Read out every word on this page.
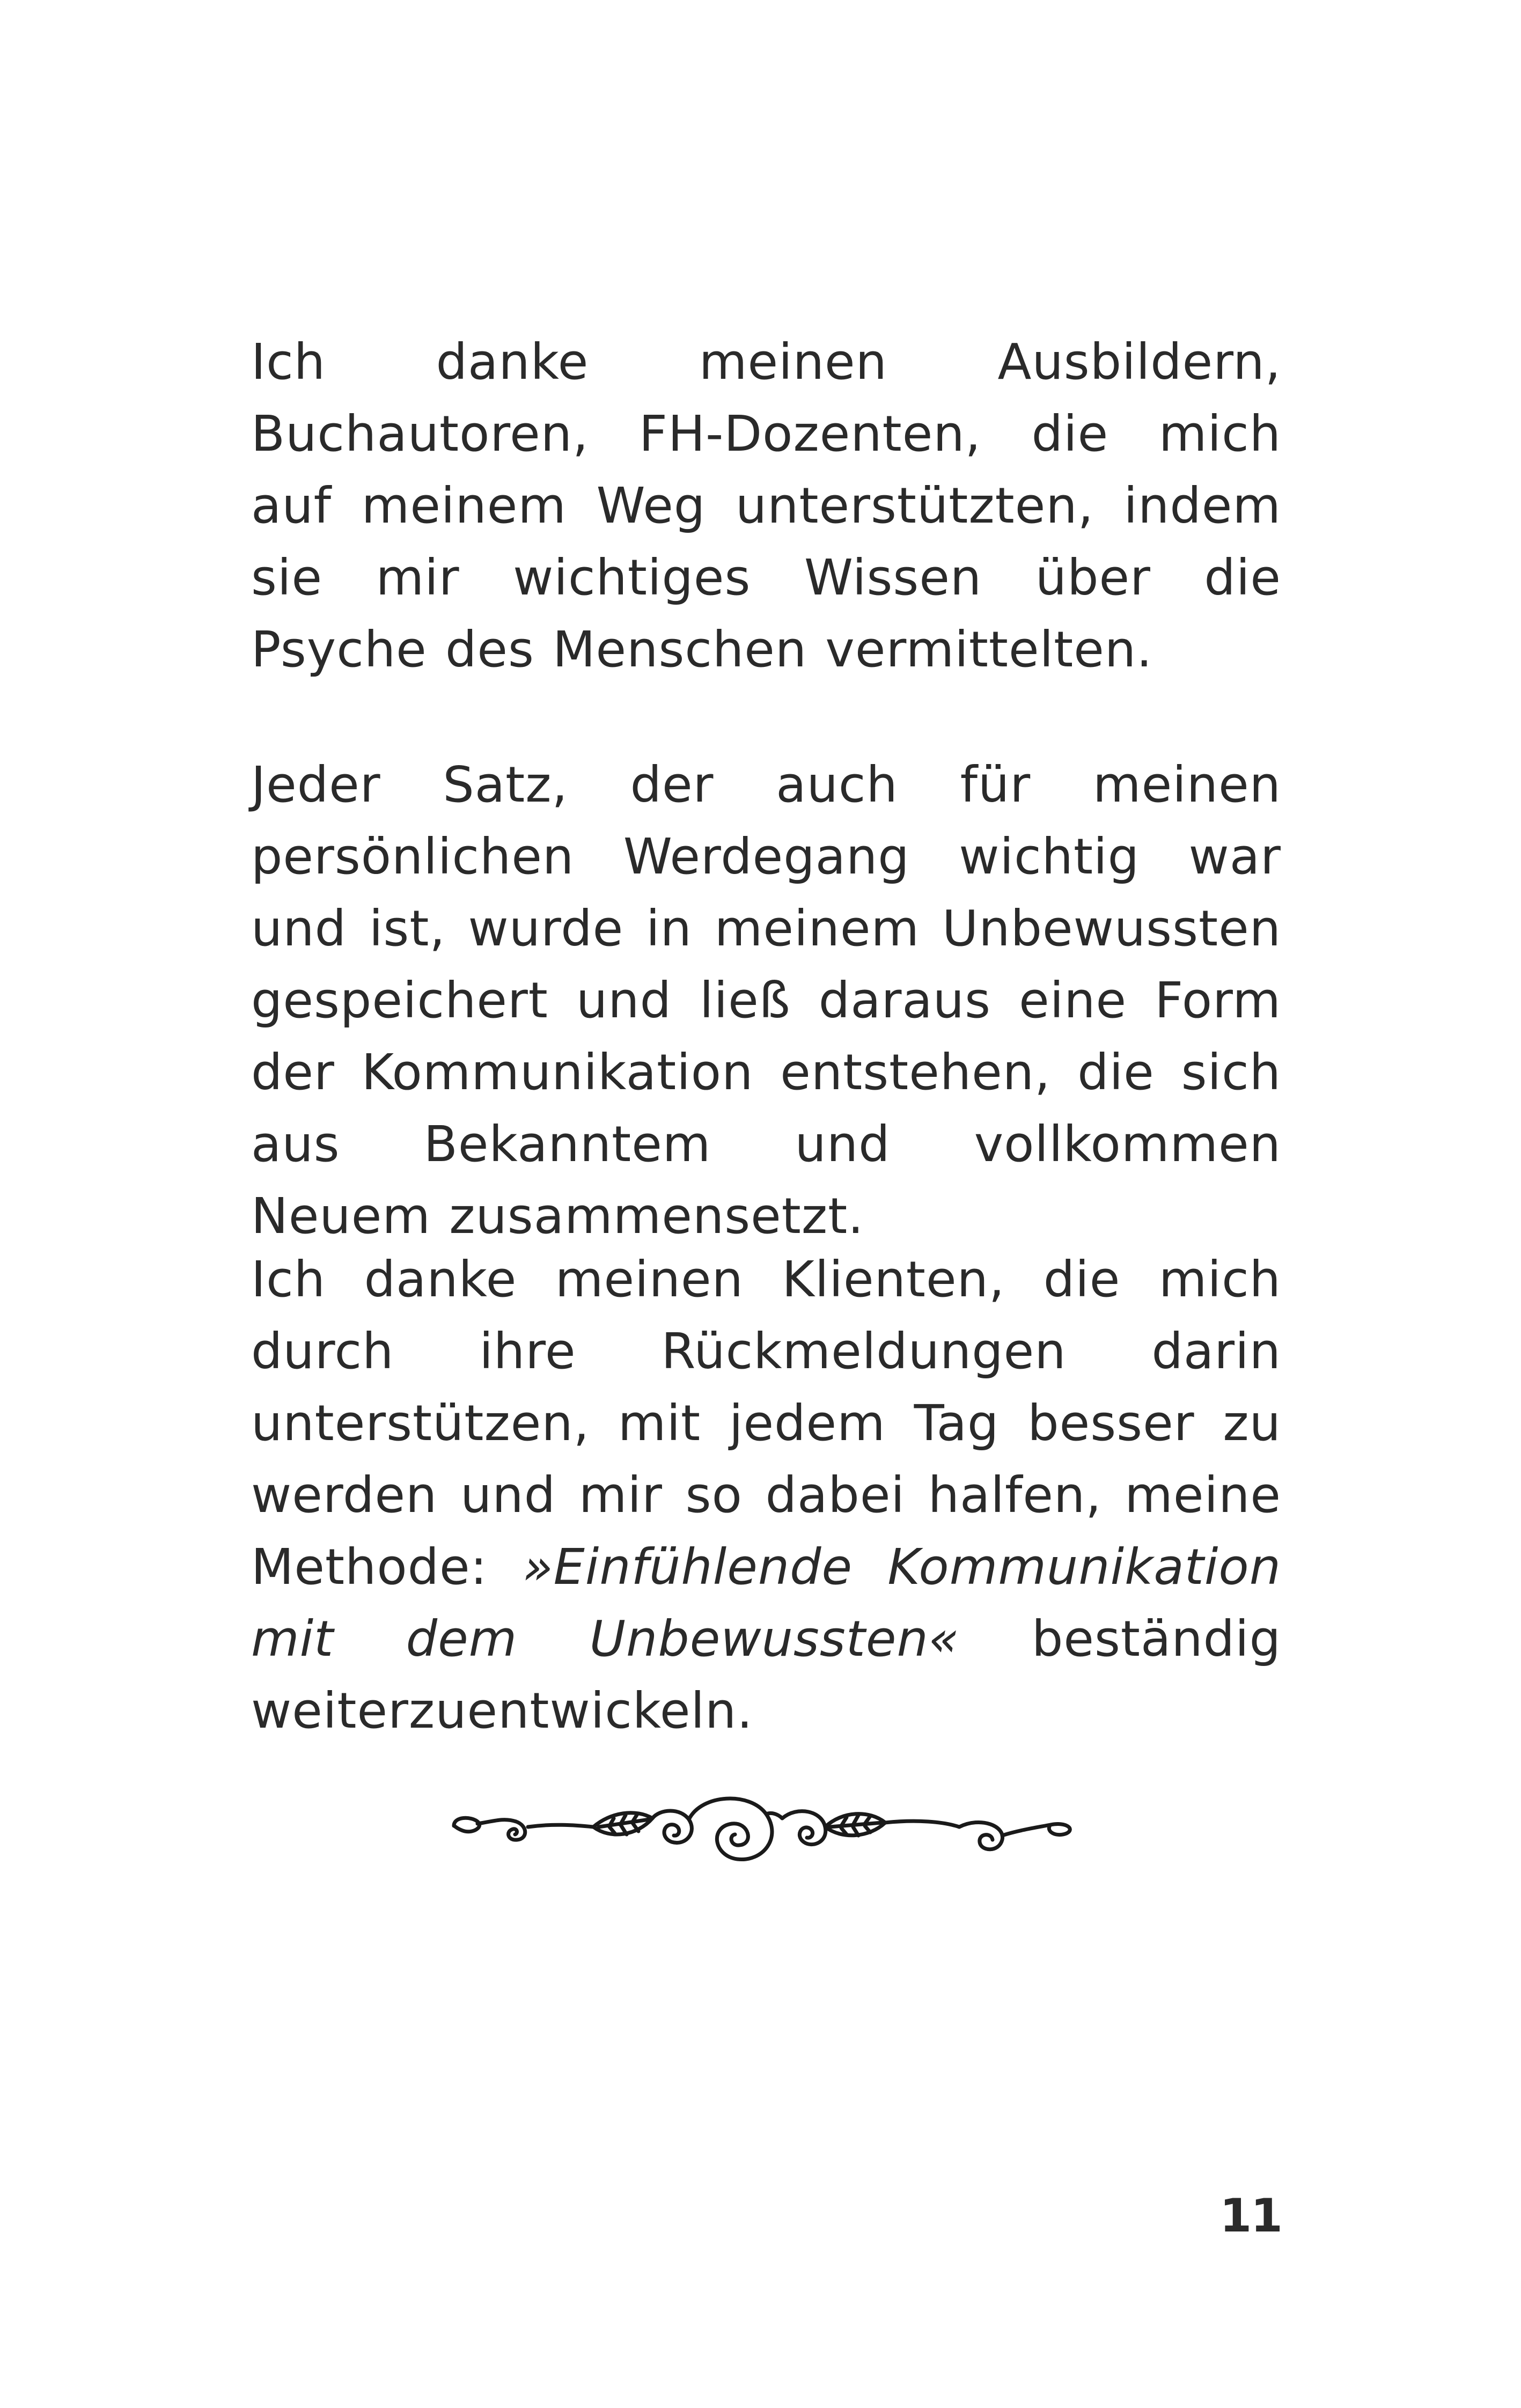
Ich danke meinen Ausbildern, Buchautoren, FH-Dozenten, die mich auf meinem Weg unterstützten, indem sie mir wichtiges Wissen über die Psyche des Menschen vermittelten.

Jeder Satz, der auch für meinen persönlichen Werdegang wichtig war und ist, wurde in meinem Unbewussten gespeichert und ließ daraus eine Form der Kommunikation entstehen, die sich aus Bekanntem und vollkommen Neuem zusammensetzt.

Ich danke meinen Klienten, die mich durch ihre Rückmeldungen darin unterstützen, mit jedem Tag besser zu werden und mir so dabei halfen, meine Methode: »Einfühlende Kommunikation mit dem Unbewussten« beständig weiterzuentwickeln.

11
